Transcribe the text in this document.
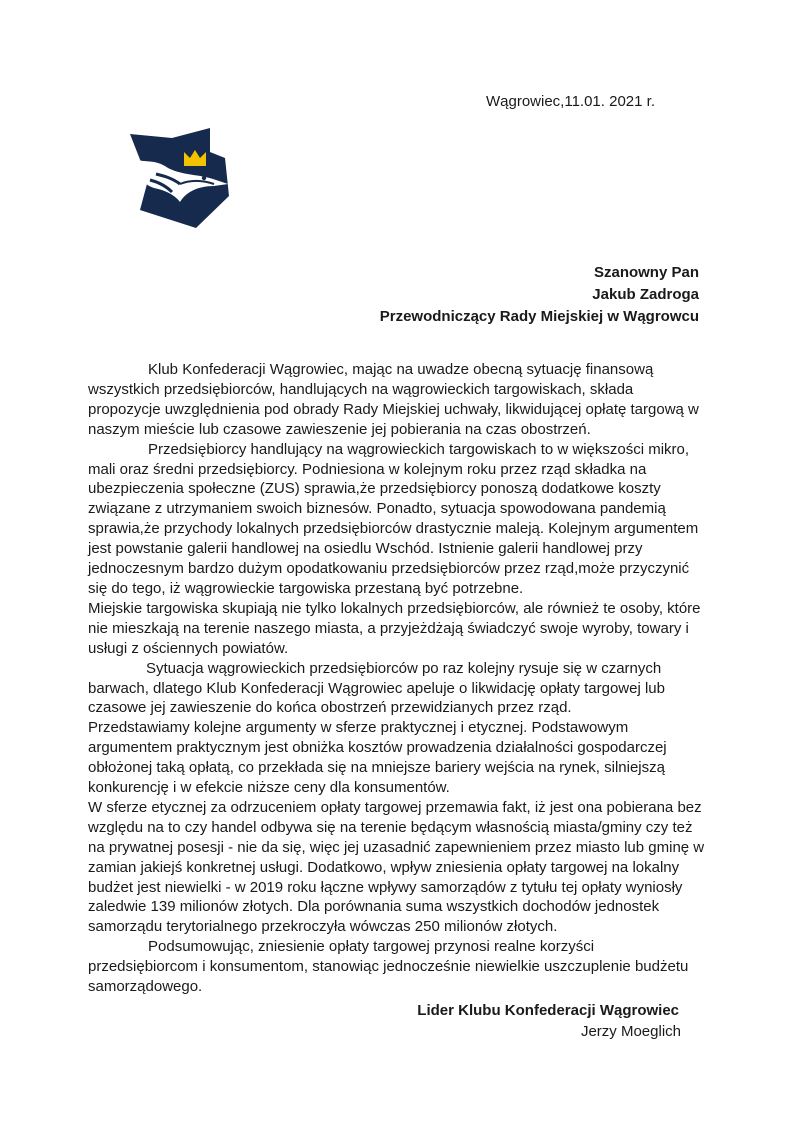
Wągrowiec,11.01. 2021 r.
Szanowny Pan
Jakub Zadroga
Przewodniczący Rady Miejskiej w Wągrowcu

Klub Konfederacji Wągrowiec, mając na uwadze obecną sytuację finansową wszystkich przedsiębiorców, handlujących na wągrowieckich targowiskach, składa propozycje uwzględnienia pod obrady Rady Miejskiej uchwały, likwidującej opłatę targową w naszym mieście lub czasowe zawieszenie jej pobierania na czas obostrzeń.

Przedsiębiorcy handlujący na wągrowieckich targowiskach to w większości mikro, mali oraz średni przedsiębiorcy. Podniesiona w kolejnym roku przez rząd składka na ubezpieczenia społeczne (ZUS) sprawia,że przedsiębiorcy ponoszą dodatkowe koszty związane z utrzymaniem swoich biznesów. Ponadto, sytuacja spowodowana pandemią sprawia,że przychody lokalnych przedsiębiorców drastycznie maleją. Kolejnym argumentem jest powstanie galerii handlowej na osiedlu Wschód. Istnienie galerii handlowej przy jednoczesnym bardzo dużym opodatkowaniu przedsiębiorców przez rząd,może przyczynić się do tego, iż wągrowieckie targowiska przestaną być potrzebne.

Miejskie targowiska skupiają nie tylko lokalnych przedsiębiorców, ale również te osoby, które nie mieszkają na terenie naszego miasta, a przyjeżdżają świadczyć swoje wyroby, towary i usługi z ościennych powiatów.

Sytuacja wągrowieckich przedsiębiorców po raz kolejny rysuje się w czarnych barwach, dlatego Klub Konfederacji Wągrowiec apeluje o likwidację opłaty targowej lub czasowe jej zawieszenie do końca obostrzeń przewidzianych przez rząd.

Przedstawiamy kolejne argumenty w sferze praktycznej i etycznej. Podstawowym argumentem praktycznym jest obniżka kosztów prowadzenia działalności gospodarczej obłożonej taką opłatą, co przekłada się na mniejsze bariery wejścia na rynek, silniejszą konkurencję i w efekcie niższe ceny dla konsumentów.

W sferze etycznej za odrzuceniem opłaty targowej przemawia fakt, iż jest ona pobierana bez względu na to czy handel odbywa się na terenie będącym własnością miasta/gminy czy też na prywatnej posesji - nie da się, więc jej uzasadnić zapewnieniem przez miasto lub gminę w zamian jakiejś konkretnej usługi. Dodatkowo, wpływ zniesienia opłaty targowej na lokalny budżet jest niewielki - w 2019 roku łączne wpływy samorządów z tytułu tej opłaty wyniosły zaledwie 139 milionów złotych. Dla porównania suma wszystkich dochodów jednostek samorządu terytorialnego przekroczyła wówczas 250 milionów złotych.

Podsumowując, zniesienie opłaty targowej przynosi realne korzyści przedsiębiorcom i konsumentom, stanowiąc jednocześnie niewielkie uszczuplenie budżetu samorządowego.

Lider Klubu Konfederacji Wągrowiec
Jerzy Moeglich
